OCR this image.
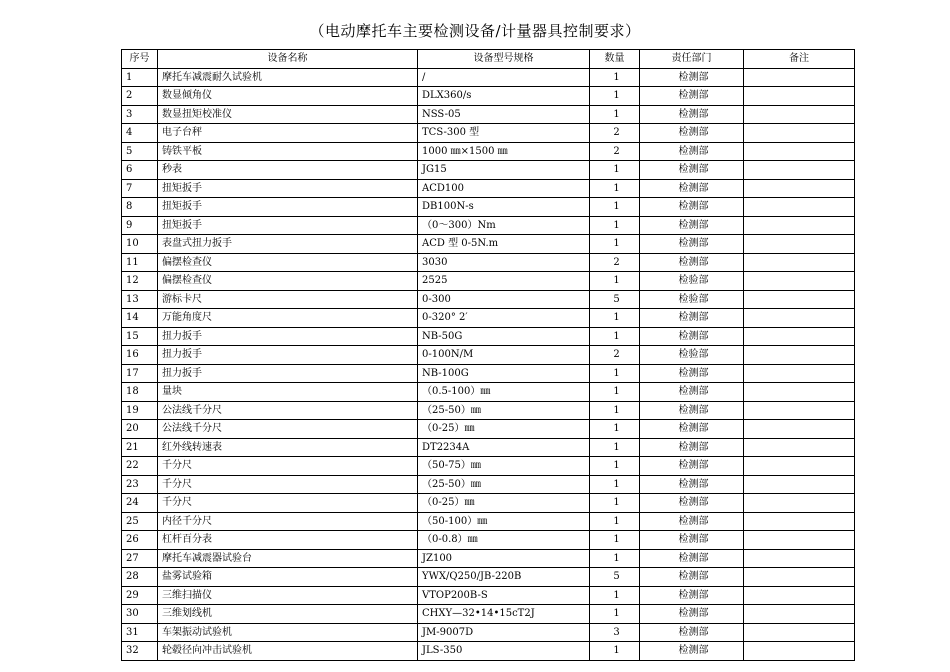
（电动摩托车主要检测设备/计量器具控制要求）
序号	设备名称	设备型号规格	数量	责任部门	备注
1	摩托车减震耐久试验机	/	1	检测部	
2	数显倾角仪	DLX360/s	1	检测部	
3	数显扭矩校准仪	NSS-05	1	检测部	
4	电子台秤	TCS-300 型	2	检测部	
5	铸铁平板	1000 ㎜×1500 ㎜	2	检测部	
6	秒表	JG15	1	检测部	
7	扭矩扳手	ACD100	1	检测部	
8	扭矩扳手	DB100N-s	1	检测部	
9	扭矩扳手	（0～300）Nm	1	检测部	
10	表盘式扭力扳手	ACD 型 0-5N.m	1	检测部	
11	偏摆检查仪	3030	2	检测部	
12	偏摆检查仪	2525	1	检验部	
13	游标卡尺	0-300	5	检验部	
14	万能角度尺	0-320° 2′	1	检测部	
15	扭力扳手	NB-50G	1	检测部	
16	扭力扳手	0-100N/M	2	检验部	
17	扭力扳手	NB-100G	1	检测部	
18	量块	（0.5-100）㎜	1	检测部	
19	公法线千分尺	（25-50）㎜	1	检测部	
20	公法线千分尺	（0-25）㎜	1	检测部	
21	红外线转速表	DT2234A	1	检测部	
22	千分尺	（50-75）㎜	1	检测部	
23	千分尺	（25-50）㎜	1	检测部	
24	千分尺	（0-25）㎜	1	检测部	
25	内径千分尺	（50-100）㎜	1	检测部	
26	杠杆百分表	（0-0.8）㎜	1	检测部	
27	摩托车减震器试验台	JZ100	1	检测部	
28	盐雾试验箱	YWX/Q250/JB-220B	5	检测部	
29	三维扫描仪	VTOP200B-S	1	检测部	
30	三维划线机	CHXY—32•14•15cT2J	1	检测部	
31	车架振动试验机	JM-9007D	3	检测部	
32	轮毂径向冲击试验机	JLS-350	1	检测部	
